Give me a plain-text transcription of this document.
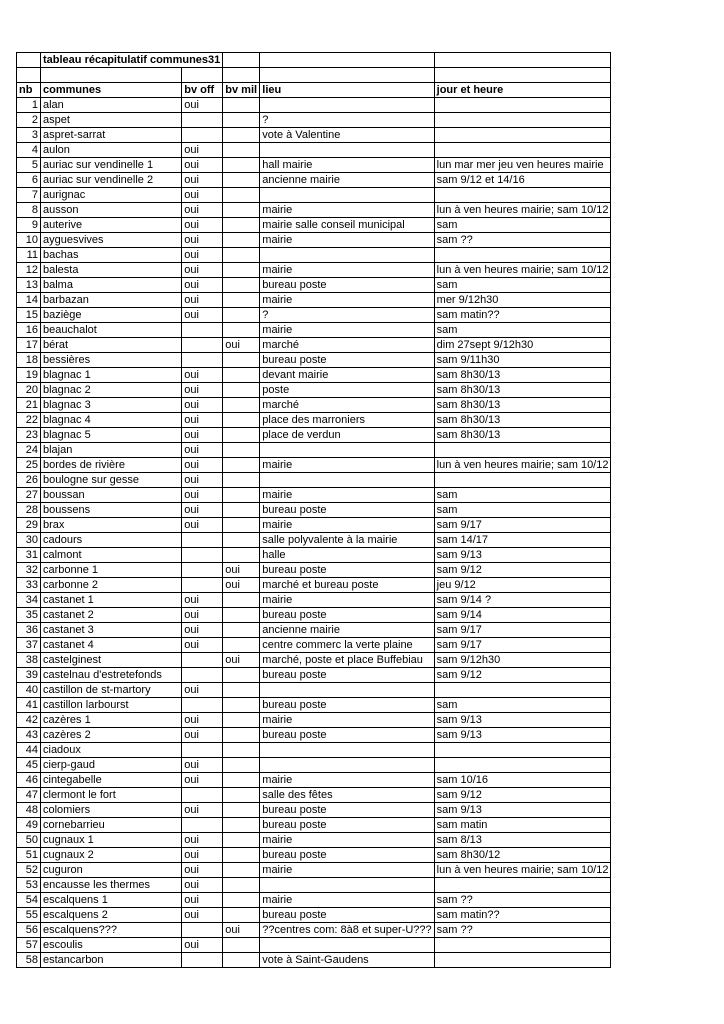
	tableau récapitulatif communes31				

nb	communes	bv off	bv mil	lieu	jour et heure
1	alan	oui			
2	aspet			?	
3	aspret-sarrat			vote à Valentine	
4	aulon	oui			
5	auriac sur vendinelle 1	oui		hall mairie	lun mar mer jeu ven heures mairie
6	auriac sur vendinelle 2	oui		ancienne mairie	sam 9/12 et 14/16
7	aurignac	oui			
8	ausson	oui		mairie	lun à ven heures mairie; sam 10/12
9	auterive	oui		mairie salle conseil municipal	sam
10	ayguesvives	oui		mairie	sam ??
11	bachas	oui			
12	balesta	oui		mairie	lun à ven heures mairie; sam 10/12
13	balma	oui		bureau poste	sam
14	barbazan	oui		mairie	mer 9/12h30
15	baziège	oui		?	sam matin??
16	beauchalot			mairie	sam
17	bérat		oui	marché	dim 27sept 9/12h30
18	bessières			bureau poste	sam 9/11h30
19	blagnac 1	oui		devant mairie	sam 8h30/13
20	blagnac 2	oui		poste	sam 8h30/13
21	blagnac 3	oui		marché	sam 8h30/13
22	blagnac 4	oui		place des marroniers	sam 8h30/13
23	blagnac 5	oui		place de verdun	sam 8h30/13
24	blajan	oui			
25	bordes de rivière	oui		mairie	lun à ven heures mairie; sam 10/12
26	boulogne sur gesse	oui			
27	boussan	oui		mairie	sam
28	boussens	oui		bureau poste	sam
29	brax	oui		mairie	sam 9/17
30	cadours			salle polyvalente à la mairie	sam 14/17
31	calmont			halle	sam 9/13
32	carbonne 1		oui	bureau poste	sam 9/12
33	carbonne 2		oui	marché et bureau poste	jeu 9/12
34	castanet 1	oui		mairie	sam 9/14 ?
35	castanet 2	oui		bureau poste	sam 9/14
36	castanet 3	oui		ancienne mairie	sam 9/17
37	castanet 4	oui		centre commerc la verte plaine	sam 9/17
38	castelginest		oui	marché, poste et place Buffebiau	sam 9/12h30
39	castelnau d'estretefonds			bureau poste	sam 9/12
40	castillon de st-martory	oui			
41	castillon larbourst			bureau poste	sam
42	cazères 1	oui		mairie	sam 9/13
43	cazères 2	oui		bureau poste	sam 9/13
44	ciadoux				
45	cierp-gaud	oui			
46	cintegabelle	oui		mairie	sam 10/16
47	clermont le fort			salle des fêtes	sam 9/12
48	colomiers	oui		bureau poste	sam 9/13
49	cornebarrieu			bureau poste	sam matin
50	cugnaux 1	oui		mairie	sam 8/13
51	cugnaux 2	oui		bureau poste	sam 8h30/12
52	cuguron	oui		mairie	lun à ven heures mairie; sam 10/12
53	encausse les thermes	oui			
54	escalquens 1	oui		mairie	sam ??
55	escalquens 2	oui		bureau poste	sam matin??
56	escalquens???		oui	??centres com: 8à8 et super-U???	sam ??
57	escoulis	oui			
58	estancarbon			vote à Saint-Gaudens	
